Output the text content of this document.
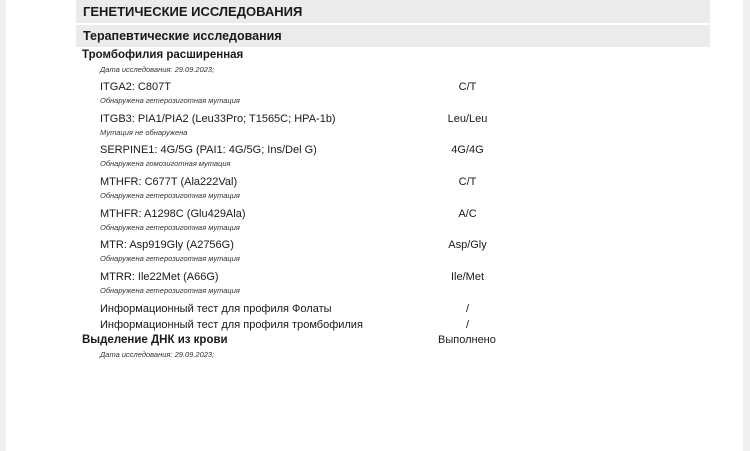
ГЕНЕТИЧЕСКИЕ ИССЛЕДОВАНИЯ
Терапевтические исследования
Тромбофилия расширенная
Дата исследования: 29.09.2023;
ITGA2: C807T	C/T
Обнаружена гетерозиготная мутация
ITGB3: PIA1/PIA2 (Leu33Pro; T1565C; HPA-1b)	Leu/Leu
Мутация не обнаружена
SERPINE1: 4G/5G (PAI1: 4G/5G; Ins/Del G)	4G/4G
Обнаружена гомозиготная мутация
MTHFR: C677T (Ala222Val)	C/T
Обнаружена гетерозиготная мутация
MTHFR: A1298C (Glu429Ala)	A/C
Обнаружена гетерозиготная мутация
MTR: Asp919Gly (A2756G)	Asp/Gly
Обнаружена гетерозиготная мутация
MTRR: Ile22Met (A66G)	Ile/Met
Обнаружена гетерозиготная мутация
Информационный тест для профиля Фолаты	/
Информационный тест для профиля тромбофилия	/
Выделение ДНК из крови	Выполнено
Дата исследования: 29.09.2023;
